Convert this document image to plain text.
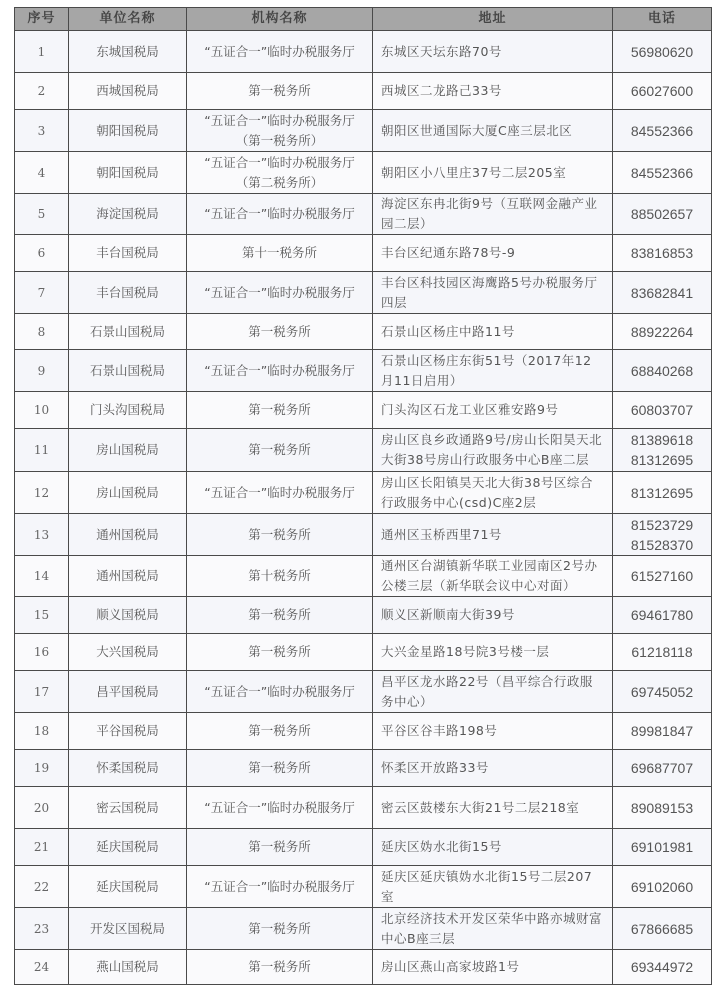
序号	单位名称	机构名称	地址	电话
1	东城国税局	“五证合一”临时办税服务厅	东城区天坛东路70号	56980620

2	西城国税局	第一税务所	西城区二龙路己33号	66027600

3	朝阳国税局	“五证合一”临时办税服务厅（第一税务所）	朝阳区世通国际大厦C座三层北区	84552366

4	朝阳国税局	“五证合一”临时办税服务厅（第二税务所）	朝阳区小八里庄37号二层205室	84552366

5	海淀国税局	“五证合一”临时办税服务厅	海淀区东冉北街9号（互联网金融产业园二层）	88502657

6	丰台国税局	第十一税务所	丰台区纪通东路78号-9	83816853

7	丰台国税局	“五证合一”临时办税服务厅	丰台区科技园区海鹰路5号办税服务厅四层	83682841

8	石景山国税局	第一税务所	石景山区杨庄中路11号	88922264

9	石景山国税局	“五证合一”临时办税服务厅	石景山区杨庄东街51号（2017年12月11日启用）	68840268

10	门头沟国税局	第一税务所	门头沟区石龙工业区雅安路9号	60803707

11	房山国税局	第一税务所	房山区良乡政通路9号/房山长阳昊天北大街38号房山行政服务中心B座二层	81389618
81312695

12	房山国税局	“五证合一”临时办税服务厅	房山区长阳镇昊天北大街38号区综合行政服务中心(csd)C座2层	81312695

13	通州国税局	第一税务所	通州区玉桥西里71号	81523729
81528370

14	通州国税局	第十税务所	通州区台湖镇新华联工业园南区2号办公楼三层（新华联会议中心对面）	61527160

15	顺义国税局	第一税务所	顺义区新顺南大街39号	69461780

16	大兴国税局	第一税务所	大兴金星路18号院3号楼一层	61218118

17	昌平国税局	“五证合一”临时办税服务厅	昌平区龙水路22号（昌平综合行政服务中心）	69745052

18	平谷国税局	第一税务所	平谷区谷丰路198号	89981847

19	怀柔国税局	第一税务所	怀柔区开放路33号	69687707

20	密云国税局	“五证合一”临时办税服务厅	密云区鼓楼东大街21号二层218室	89089153

21	延庆国税局	第一税务所	延庆区妫水北街15号	69101981

22	延庆国税局	“五证合一”临时办税服务厅	延庆区延庆镇妫水北街15号二层207室	69102060

23	开发区国税局	第一税务所	北京经济技术开发区荣华中路亦城财富中心B座三层	67866685

24	燕山国税局	第一税务所	房山区燕山高家坡路1号	69344972
